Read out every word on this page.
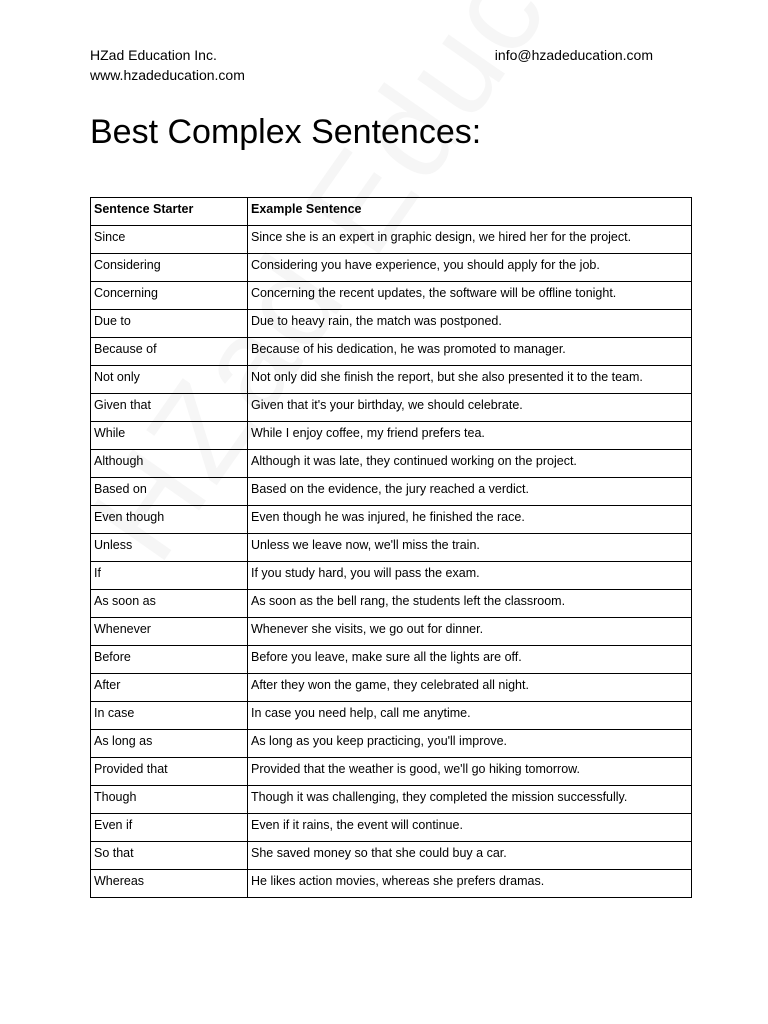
HZad Education Inc.
www.hzadeducation.com
info@hzadeducation.com
Best Complex Sentences:
Sentence Starter	Example Sentence
Since	Since she is an expert in graphic design, we hired her for the project.
Considering	Considering you have experience, you should apply for the job.
Concerning	Concerning the recent updates, the software will be offline tonight.
Due to	Due to heavy rain, the match was postponed.
Because of	Because of his dedication, he was promoted to manager.
Not only	Not only did she finish the report, but she also presented it to the team.
Given that	Given that it's your birthday, we should celebrate.
While	While I enjoy coffee, my friend prefers tea.
Although	Although it was late, they continued working on the project.
Based on	Based on the evidence, the jury reached a verdict.
Even though	Even though he was injured, he finished the race.
Unless	Unless we leave now, we'll miss the train.
If	If you study hard, you will pass the exam.
As soon as	As soon as the bell rang, the students left the classroom.
Whenever	Whenever she visits, we go out for dinner.
Before	Before you leave, make sure all the lights are off.
After	After they won the game, they celebrated all night.
In case	In case you need help, call me anytime.
As long as	As long as you keep practicing, you'll improve.
Provided that	Provided that the weather is good, we'll go hiking tomorrow.
Though	Though it was challenging, they completed the mission successfully.
Even if	Even if it rains, the event will continue.
So that	She saved money so that she could buy a car.
Whereas	He likes action movies, whereas she prefers dramas.
